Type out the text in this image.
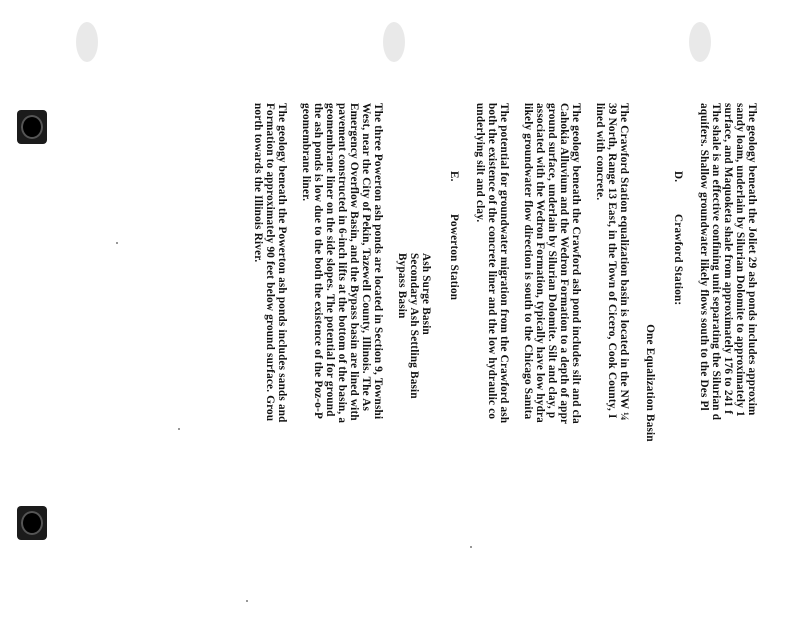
The geology beneath the Joliet 29 ash ponds includes approxim
sandy loam, underlain by Silurian Dolomite to approximately 1
surface, and Maquoketa shale from approximately 176 to 241 f
The shale is an effective confining unit separating the Silurian d
aquifers. Shallow groundwater likely flows south to the Des Pl

D. Crawford Station:

One Equalization Basin

The Crawford Station equalization basin is located in the NW ¼
39 North, Range 13 East, in the Town of Cicero, Cook County, I
lined with concrete.

The geology beneath the Crawford ash pond includes silt and cla
Cahokia Alluvium and the Wedron Formation to a depth of appr
ground surface, underlain by Silurian Dolomite. Silt and clay, p
associated with the Wedron Formation, typically have low hydra
likely groundwater flow direction is south to the Chicago Sanita

The potential for groundwater migration from the Crawford ash
both the existence of the concrete liner and the low hydraulic co
underlying silt and clay.

E. Powerton Station

Ash Surge Basin
Secondary Ash Settling Basin
Bypass Basin

The three Powerton ash ponds are located in Section 9, Townshi
West, near the City of Pekin, Tazewell County, Illinois. The As
Emergency Overflow Basin, and the Bypass basin are lined with
pavement constructed in 6-inch lifts at the bottom of the basin, a
geomembrane liner on the side slopes. The potential for ground
the ash ponds is low due to the both the existence of the Poz-o-P
geomembrane liner.

The geology beneath the Powerton ash ponds includes sands and
Formation to approximately 90 feet below ground surface. Grou
north towards the Illinois River.
